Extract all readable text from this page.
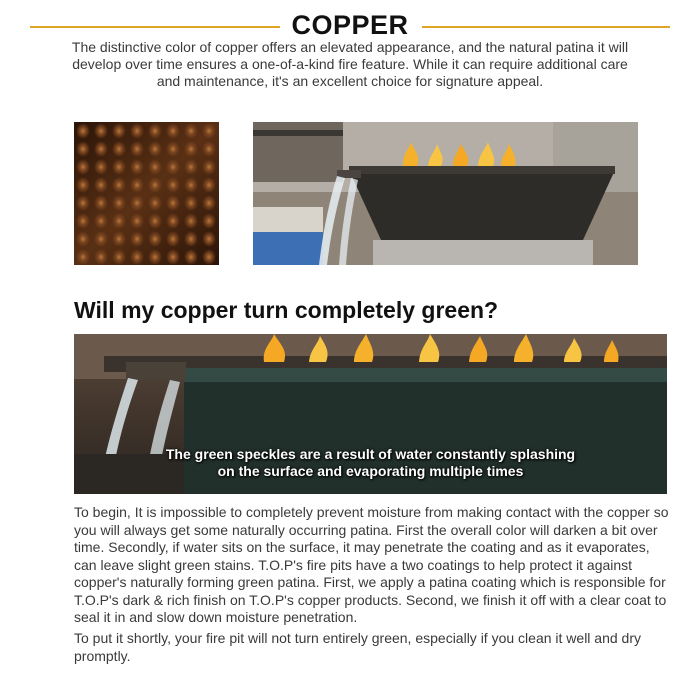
COPPER
The distinctive color of copper offers an elevated appearance, and the natural patina it will develop over time ensures a one-of-a-kind fire feature. While it can require additional care and maintenance, it's an excellent choice for signature appeal.
Will my copper turn completely green?
The green speckles are a result of water constantly splashing
on the surface and evaporating multiple times
To begin, It is impossible to completely prevent moisture from making contact with the copper so you will always get some naturally occurring patina. First the overall color will darken a bit over time. Secondly, if water sits on the surface, it may penetrate the coating and as it evaporates, can leave slight green stains. T.O.P's fire pits have a two coatings to help protect it against copper's naturally forming green patina. First, we apply a patina coating which is responsible for T.O.P's dark & rich finish on T.O.P's copper products. Second, we finish it off with a clear coat to seal it in and slow down moisture penetration.
To put it shortly, your fire pit will not turn entirely green, especially if you clean it well and dry promptly.
